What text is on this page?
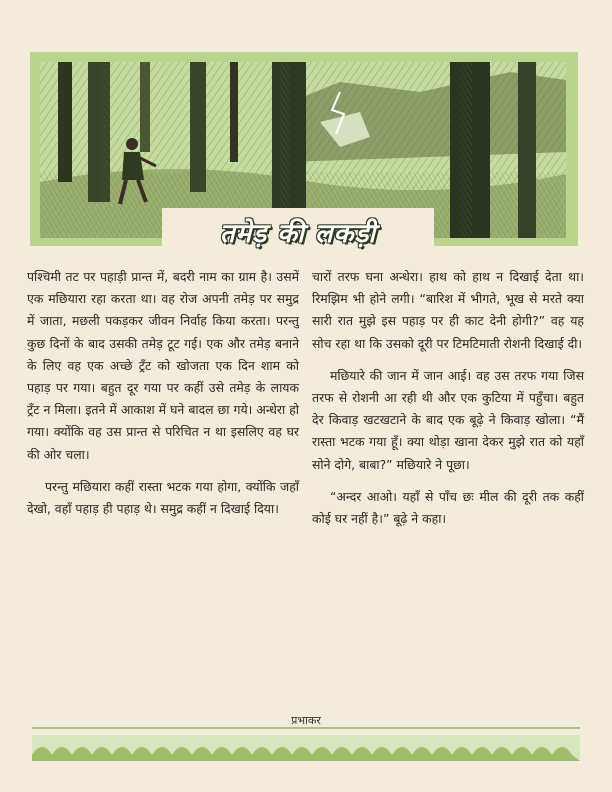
तमेड़ की लकड़ी

पश्चिमी तट पर पहाड़ी प्रान्त में, बदरी नाम का ग्राम है। उसमें एक मछियारा रहा करता था। वह रोज अपनी तमेड़ पर समुद्र में जाता, मछली पकड़कर जीवन निर्वाह किया करता। परन्तु कुछ दिनों के बाद उसकी तमेड़ टूट गई। एक और तमेड़ बनाने के लिए वह एक अच्छे ट्रँट को खोजता एक दिन शाम को पहाड़ पर गया। बहुत दूर गया पर कहीं उसे तमेड़ के लायक ट्रँट न मिला। इतने में आकाश में घने बादल छा गये। अन्धेरा हो गया। क्योंकि वह उस प्रान्त से परिचित न था इसलिए वह घर की ओर चला।

परन्तु मछियारा कहीं रास्ता भटक गया होगा, क्योंकि जहाँ देखो, वहाँ पहाड़ ही पहाड़ थे। समुद्र कहीं न दिखाई दिया।

चारों तरफ घना अन्धेरा। हाथ को हाथ न दिखाई देता था। रिमझिम भी होने लगी। “बारिश में भीगते, भूख से मरते क्या सारी रात मुझे इस पहाड़ पर ही काट देनी होगी?” वह यह सोच रहा था कि उसको दूरी पर टिमटिमाती रोशनी दिखाई दी।

मछियारे की जान में जान आई। वह उस तरफ गया जिस तरफ से रोशनी आ रही थी और एक कुटिया में पहुँचा। बहुत देर किवाड़ खटखटाने के बाद एक बूढ़े ने किवाड़ खोला। “मैं रास्ता भटक गया हूँ। क्या थोड़ा खाना देकर मुझे रात को यहाँ सोने दोगे, बाबा?” मछियारे ने पूछा।

“अन्दर आओ। यहाँ से पाँच छः मील की दूरी तक कहीं कोई घर नहीं है।” बूढ़े ने कहा।

प्रभाकर
